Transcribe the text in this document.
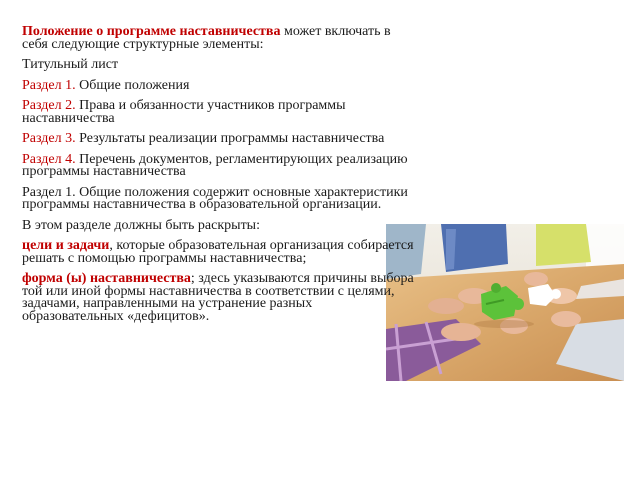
Положение о программе наставничества может включать в себя следующие структурные элементы:

Титульный лист

Раздел 1. Общие положения

Раздел 2. Права и обязанности участников программы наставничества

Раздел 3. Результаты реализации программы наставничества

Раздел 4. Перечень документов, регламентирующих реализацию программы наставничества

Раздел 1. Общие положения содержит основные характеристики программы наставничества в образовательной организации.

В этом разделе должны быть раскрыты:

цели и задачи, которые образовательная организация собирается решать с помощью программы наставничества;

форма (ы) наставничества; здесь указываются причины выбора той или иной формы наставничества в соответствии с целями, задачами, направленными на устранение разных образовательных «дефицитов».
